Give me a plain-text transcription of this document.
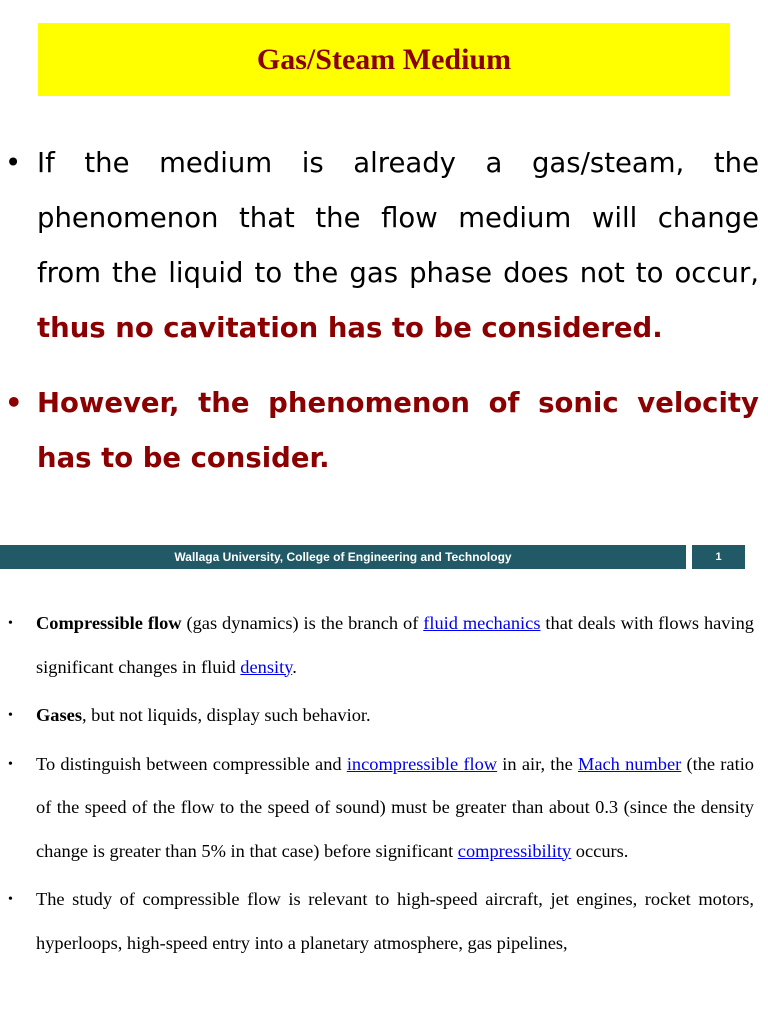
Gas/Steam Medium
• If the medium is already a gas/steam, the phenomenon that the flow medium will change from the liquid to the gas phase does not to occur, thus no cavitation has to be considered.
• However, the phenomenon of sonic velocity has to be consider.
Wallaga University, College of Engineering and Technology	1
• Compressible flow (gas dynamics) is the branch of fluid mechanics that deals with flows having significant changes in fluid density.
• Gases, but not liquids, display such behavior.
• To distinguish between compressible and incompressible flow in air, the Mach number (the ratio of the speed of the flow to the speed of sound) must be greater than about 0.3 (since the density change is greater than 5% in that case) before significant compressibility occurs.
• The study of compressible flow is relevant to high-speed aircraft, jet engines, rocket motors, hyperloops, high-speed entry into a planetary atmosphere, gas pipelines,
